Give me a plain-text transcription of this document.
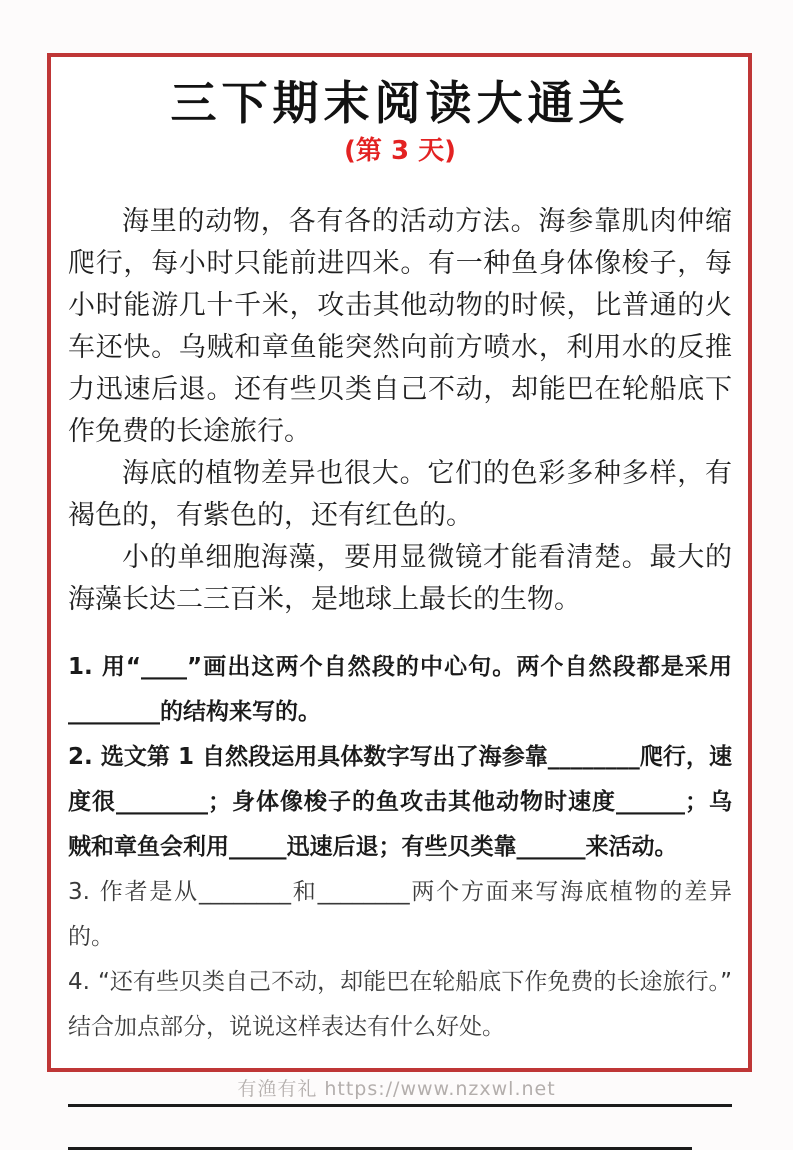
三下期末阅读大通关
(第 3 天)

海里的动物，各有各的活动方法。海参靠肌肉仲缩爬行，每小时只能前进四米。有一种鱼身体像梭子，每小时能游几十千米，攻击其他动物的时候，比普通的火车还快。乌贼和章鱼能突然向前方喷水，利用水的反推力迅速后退。还有些贝类自己不动，却能巴在轮船底下作免费的长途旅行。

海底的植物差异也很大。它们的色彩多种多样，有褐色的，有紫色的，还有红色的。

小的单细胞海藻，要用显微镜才能看清楚。最大的海藻长达二三百米，是地球上最长的生物。

1. 用“____”画出这两个自然段的中心句。两个自然段都是采用________的结构来写的。

2. 选文第 1 自然段运用具体数字写出了海参靠________爬行，速度很________；身体像梭子的鱼攻击其他动物时速度______；乌贼和章鱼会利用_____迅速后退；有些贝类靠______来活动。

3. 作者是从________和________两个方面来写海底植物的差异的。

4. “还有些贝类自己不动，却能巴在轮船底下作免费的长途旅行。”结合加点部分，说说这样表达有什么好处。

有渔有礼 https://www.nzxwl.net
